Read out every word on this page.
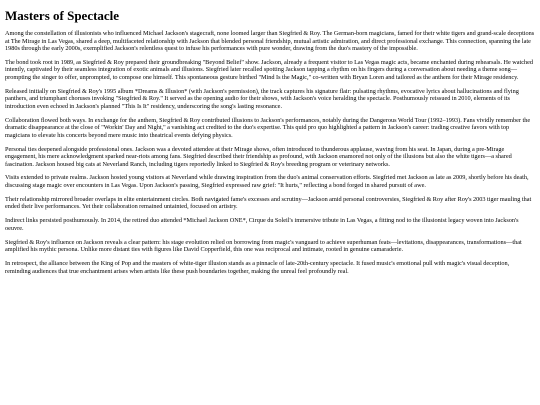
Masters of Spectacle

Among the constellation of illusionists who influenced Michael Jackson's stagecraft, none loomed larger than Siegfried & Roy. The German-born magicians, famed for their white tigers and grand-scale deceptions at The Mirage in Las Vegas, shared a deep, multifaceted relationship with Jackson that blended personal friendship, mutual artistic admiration, and direct professional exchange. This connection, spanning the late 1980s through the early 2000s, exemplified Jackson's relentless quest to infuse his performances with pure wonder, drawing from the duo's mastery of the impossible.

The bond took root in 1989, as Siegfried & Roy prepared their groundbreaking "Beyond Belief" show. Jackson, already a frequent visitor to Las Vegas magic acts, became enchanted during rehearsals. He watched intently, captivated by their seamless integration of exotic animals and illusions. Siegfried later recalled spotting Jackson tapping a rhythm on his fingers during a conversation about needing a theme song—prompting the singer to offer, unprompted, to compose one himself. This spontaneous gesture birthed "Mind Is the Magic," co-written with Bryan Loren and tailored as the anthem for their Mirage residency.

Released initially on Siegfried & Roy's 1995 album *Dreams & Illusion* (with Jackson's permission), the track captures his signature flair: pulsating rhythms, evocative lyrics about hallucinations and flying panthers, and triumphant choruses invoking "Siegfried & Roy." It served as the opening audio for their shows, with Jackson's voice heralding the spectacle. Posthumously reissued in 2010, elements of its introduction even echoed in Jackson's planned "This Is It" residency, underscoring the song's lasting resonance.

Collaboration flowed both ways. In exchange for the anthem, Siegfried & Roy contributed illusions to Jackson's performances, notably during the Dangerous World Tour (1992–1993). Fans vividly remember the dramatic disappearance at the close of "Workin' Day and Night," a vanishing act credited to the duo's expertise. This quid pro quo highlighted a pattern in Jackson's career: trading creative favors with top magicians to elevate his concerts beyond mere music into theatrical events defying physics.

Personal ties deepened alongside professional ones. Jackson was a devoted attendee at their Mirage shows, often introduced to thunderous applause, waving from his seat. In Japan, during a pre-Mirage engagement, his mere acknowledgment sparked near-riots among fans. Siegfried described their friendship as profound, with Jackson enamored not only of the illusions but also the white tigers—a shared fascination. Jackson housed big cats at Neverland Ranch, including tigers reportedly linked to Siegfried & Roy's breeding program or veterinary networks.

Visits extended to private realms. Jackson hosted young visitors at Neverland while drawing inspiration from the duo's animal conservation efforts. Siegfried met Jackson as late as 2009, shortly before his death, discussing stage magic over encounters in Las Vegas. Upon Jackson's passing, Siegfried expressed raw grief: "It hurts," reflecting a bond forged in shared pursuit of awe.

Their relationship mirrored broader overlaps in elite entertainment circles. Both navigated fame's excesses and scrutiny—Jackson amid personal controversies, Siegfried & Roy after Roy's 2003 tiger mauling that ended their live performances. Yet their collaboration remained untainted, focused on artistry.

Indirect links persisted posthumously. In 2014, the retired duo attended *Michael Jackson ONE*, Cirque du Soleil's immersive tribute in Las Vegas, a fitting nod to the illusionist legacy woven into Jackson's oeuvre.

Siegfried & Roy's influence on Jackson reveals a clear pattern: his stage evolution relied on borrowing from magic's vanguard to achieve superhuman feats—levitations, disappearances, transformations—that amplified his mythic persona. Unlike more distant ties with figures like David Copperfield, this one was reciprocal and intimate, rooted in genuine camaraderie.

In retrospect, the alliance between the King of Pop and the masters of white-tiger illusion stands as a pinnacle of late-20th-century spectacle. It fused music's emotional pull with magic's visual deception, reminding audiences that true enchantment arises when artists like these push boundaries together, making the unreal feel profoundly real.
